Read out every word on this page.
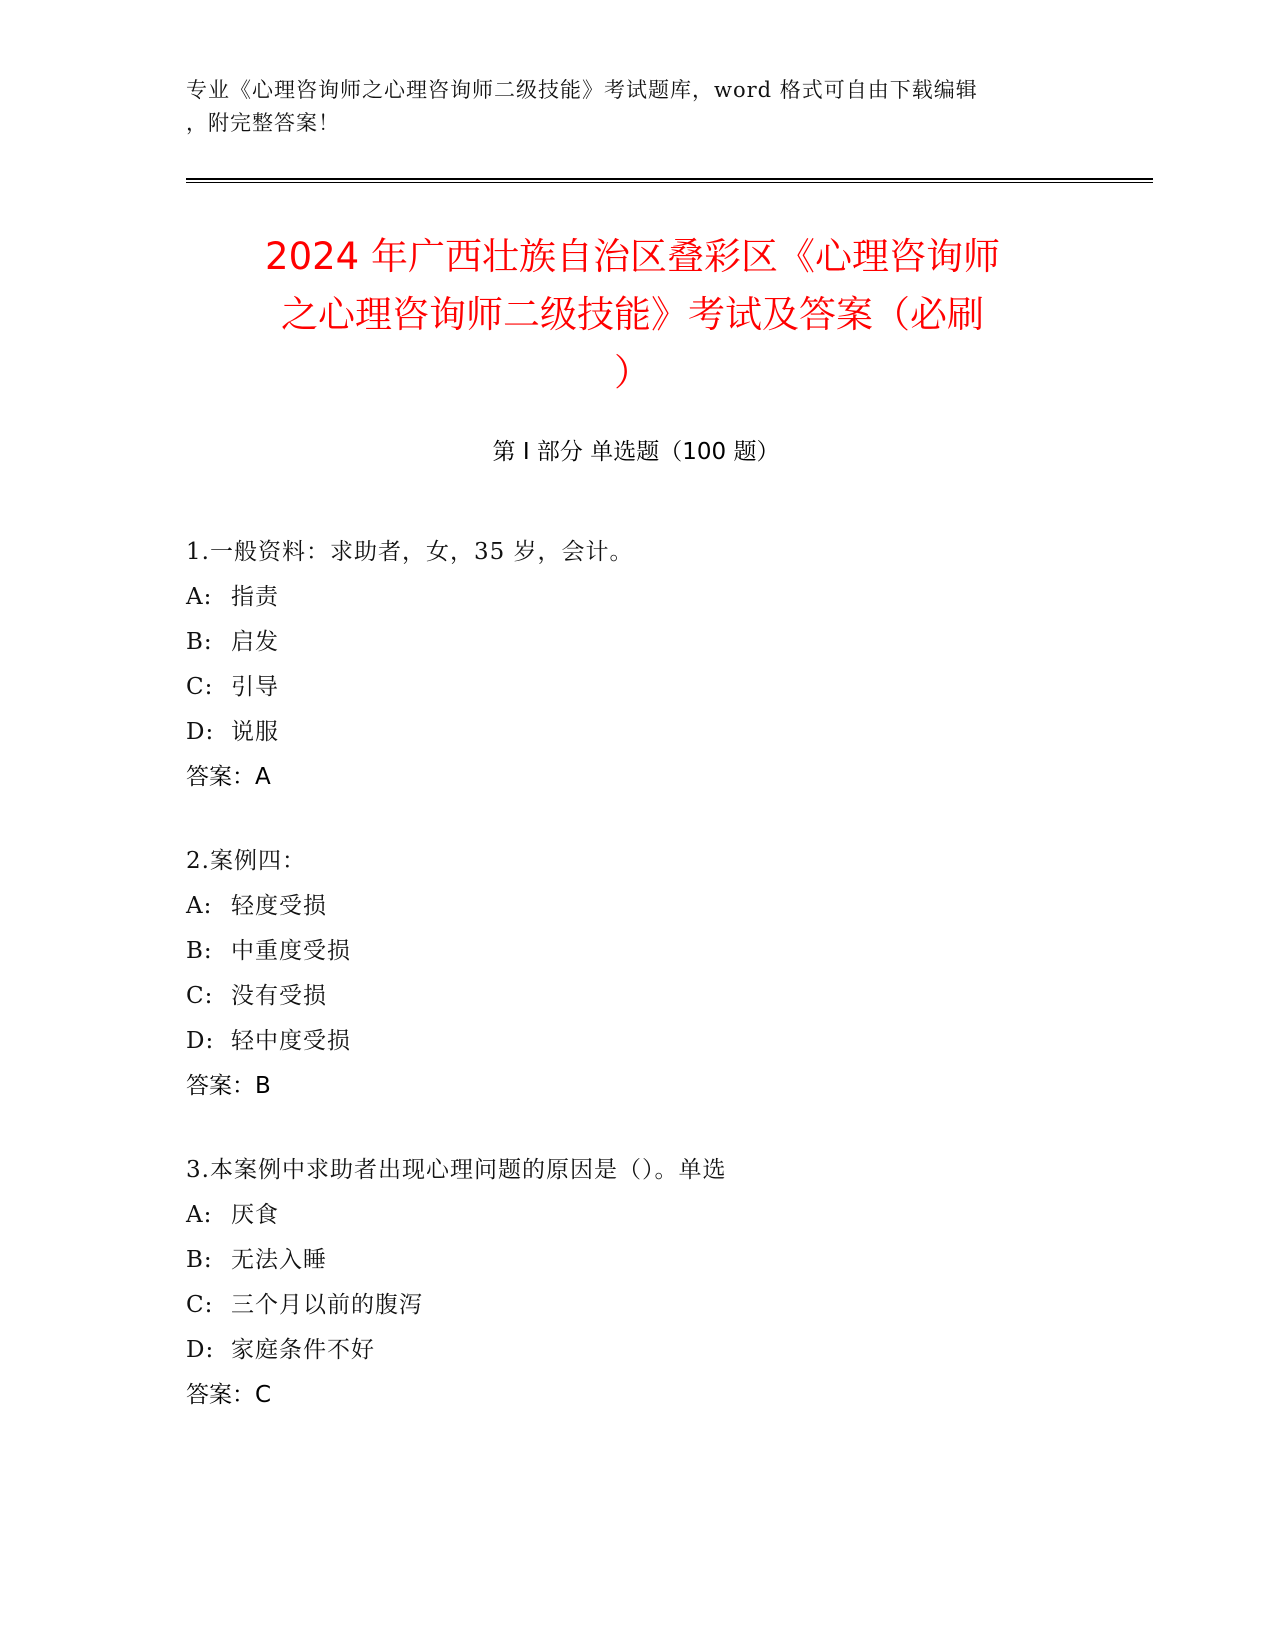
专业《心理咨询师之心理咨询师二级技能》考试题库，word 格式可自由下载编辑
，附完整答案！
2024 年广西壮族自治区叠彩区《心理咨询师
之心理咨询师二级技能》考试及答案（必刷
）
第 I 部分 单选题（100 题）
1.一般资料：求助者，女，35 岁，会计。
A: 指责
B: 启发
C: 引导
D: 说服
答案：A
2.案例四：
A: 轻度受损
B: 中重度受损
C: 没有受损
D: 轻中度受损
答案：B
3.本案例中求助者出现心理问题的原因是（）。单选
A: 厌食
B: 无法入睡
C: 三个月以前的腹泻
D: 家庭条件不好
答案：C
